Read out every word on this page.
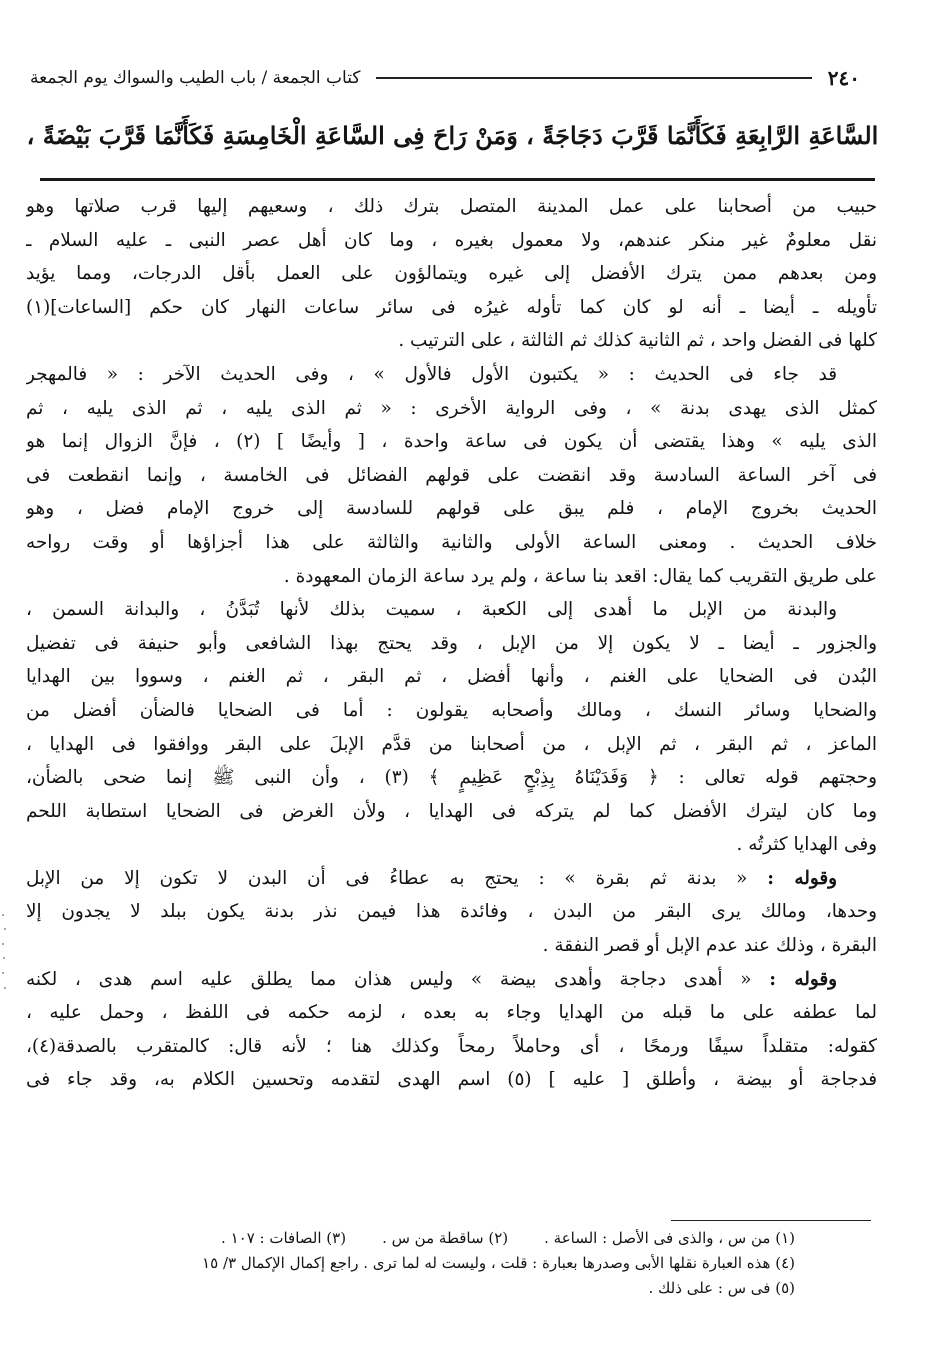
٢٤٠
كتاب الجمعة / باب الطيب والسواك يوم الجمعة
السَّاعَةِ الرَّابِعَةِ فَكَأَنَّمَا قَرَّبَ دَجَاجَةً ، وَمَنْ رَاحَ فِى السَّاعَةِ الْخَامِسَةِ فَكَأَنَّمَا قَرَّبَ بَيْضَةً ،

حبيب من أصحابنا على عمل المدينة المتصل بترك ذلك ، وسعيهم إليها قرب صلاتها وهو
نقل معلومٌ غير منكر عندهم، ولا معمول بغيره ، وما كان أهل عصر النبى ـ عليه السلام ـ
ومن بعدهم ممن يترك الأفضل إلى غيره ويتمالؤون على العمل بأقل الدرجات، ومما يؤيد
تأويله ـ أيضا ـ أنه لو كان كما تأوله غيرُه فى سائر ساعات النهار كان حكم [الساعات](١)
كلها فى الفضل واحد ، ثم الثانية كذلك ثم الثالثة ، على الترتيب .

قد جاء فى الحديث : « يكتبون الأول فالأول » ، وفى الحديث الآخر : « فالمهجر
كمثل الذى يهدى بدنة » ، وفى الرواية الأخرى : « ثم الذى يليه ، ثم الذى يليه ، ثم
الذى يليه » وهذا يقتضى أن يكون فى ساعة واحدة ، [ وأيضًا ] (٢) ، فإنَّ الزوال إنما هو
فى آخر الساعة السادسة وقد انقضت على قولهم الفضائل فى الخامسة ، وإنما انقطعت فى
الحديث بخروج الإمام ، فلم يبق على قولهم للسادسة إلى خروج الإمام فضل ، وهو
خلاف الحديث . ومعنى الساعة الأولى والثانية والثالثة على هذا أجزاؤها أو وقت رواحه
على طريق التقريب كما يقال: اقعد بنا ساعة ، ولم يرد ساعة الزمان المعهودة .

والبدنة من الإبل ما أهدى إلى الكعبة ، سميت بذلك لأنها تُبَدَّنُ ، والبدانة السمن ،
والجزور ـ أيضا ـ لا يكون إلا من الإبل ، وقد يحتج بهذا الشافعى وأبو حنيفة فى تفضيل
البُدن فى الضحايا على الغنم ، وأنها أفضل ، ثم البقر ، ثم الغنم ، وسووا بين الهدايا
والضحايا وسائر النسك ، ومالك وأصحابه يقولون : أما فى الضحايا فالضأن أفضل من
الماعز ، ثم البقر ، ثم الإبل ، من أصحابنا من قدَّم الإبلَ على البقر ووافقوا فى الهدايا ،
وحجتهم قوله تعالى : ﴿ وَفَدَيْنَاهُ بِذِبْحٍ عَظِيمٍ ﴾ (٣) ، وأن النبى ﷺ إنما ضحى بالضأن،
وما كان ليترك الأفضل كما لم يتركه فى الهدايا ، ولأن الغرض فى الضحايا استطابة اللحم
وفى الهدايا كثرتُه .

وقوله : « بدنة ثم بقرة » : يحتج به عطاءُ فى أن البدن لا تكون إلا من الإبل
وحدها، ومالك يرى البقر من البدن ، وفائدة هذا فيمن نذر بدنة يكون ببلد لا يجدون إلا
البقرة ، وذلك عند عدم الإبل أو قصر النفقة .

وقوله : « أهدى دجاجة وأهدى بيضة » وليس هذان مما يطلق عليه اسم هدى ، لكنه
لما عطفه على ما قبله من الهدايا وجاء به بعده ، لزمه حكمه فى اللفظ ، وحمل عليه ،
كقوله: متقلداً سيفًا ورمحًا ، أى وحاملاً رمحاً وكذلك هنا ؛ لأنه قال: كالمتقرب بالصدقة(٤)،
فدجاجة أو بيضة ، وأطلق [ عليه ] (٥) اسم الهدى لتقدمه وتحسين الكلام به، وقد جاء فى

(١) من س ، والذى فى الأصل : الساعة .
(٢) ساقطة من س .
(٣) الصافات : ١٠٧ .
(٤) هذه العبارة نقلها الأبى وصدرها بعبارة : قلت ، وليست له لما ترى . راجع إكمال الإكمال ٣/ ١٥
(٥) فى س : على ذلك .
